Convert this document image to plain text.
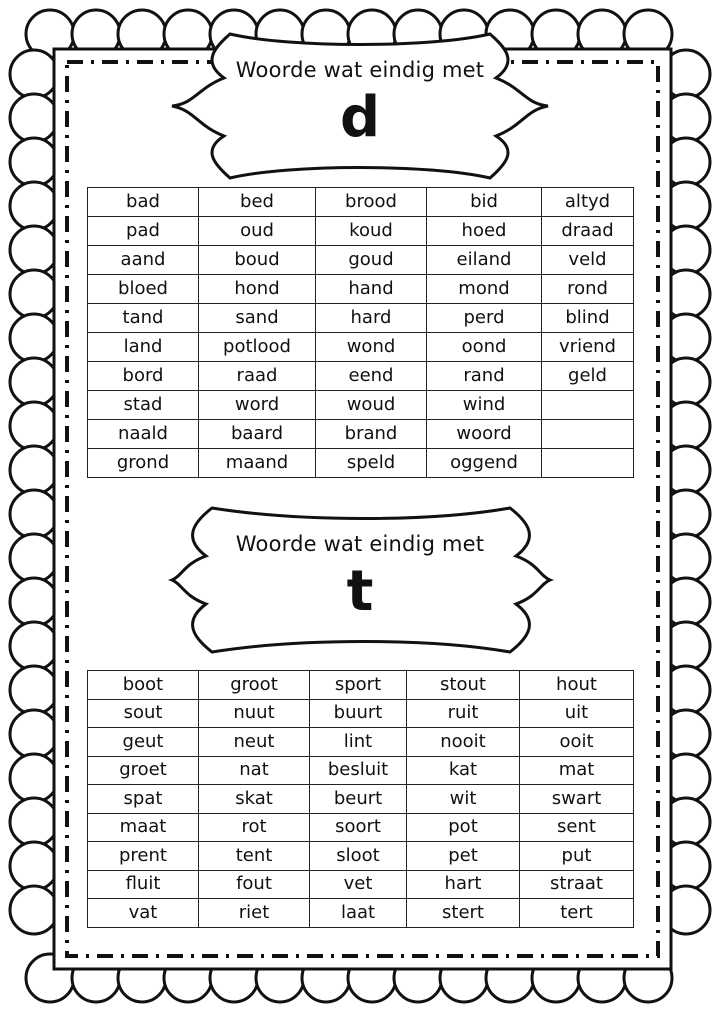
Woorde wat eindig met
d
bad	bed	brood	bid	altyd
pad	oud	koud	hoed	draad
aand	boud	goud	eiland	veld
bloed	hond	hand	mond	rond
tand	sand	hard	perd	blind
land	potlood	wond	oond	vriend
bord	raad	eend	rand	geld
stad	word	woud	wind	
naald	baard	brand	woord	
grond	maand	speld	oggend	
Woorde wat eindig met
t
boot	groot	sport	stout	hout
sout	nuut	buurt	ruit	uit
geut	neut	lint	nooit	ooit
groet	nat	besluit	kat	mat
spat	skat	beurt	wit	swart
maat	rot	soort	pot	sent
prent	tent	sloot	pet	put
fluit	fout	vet	hart	straat
vat	riet	laat	stert	tert
